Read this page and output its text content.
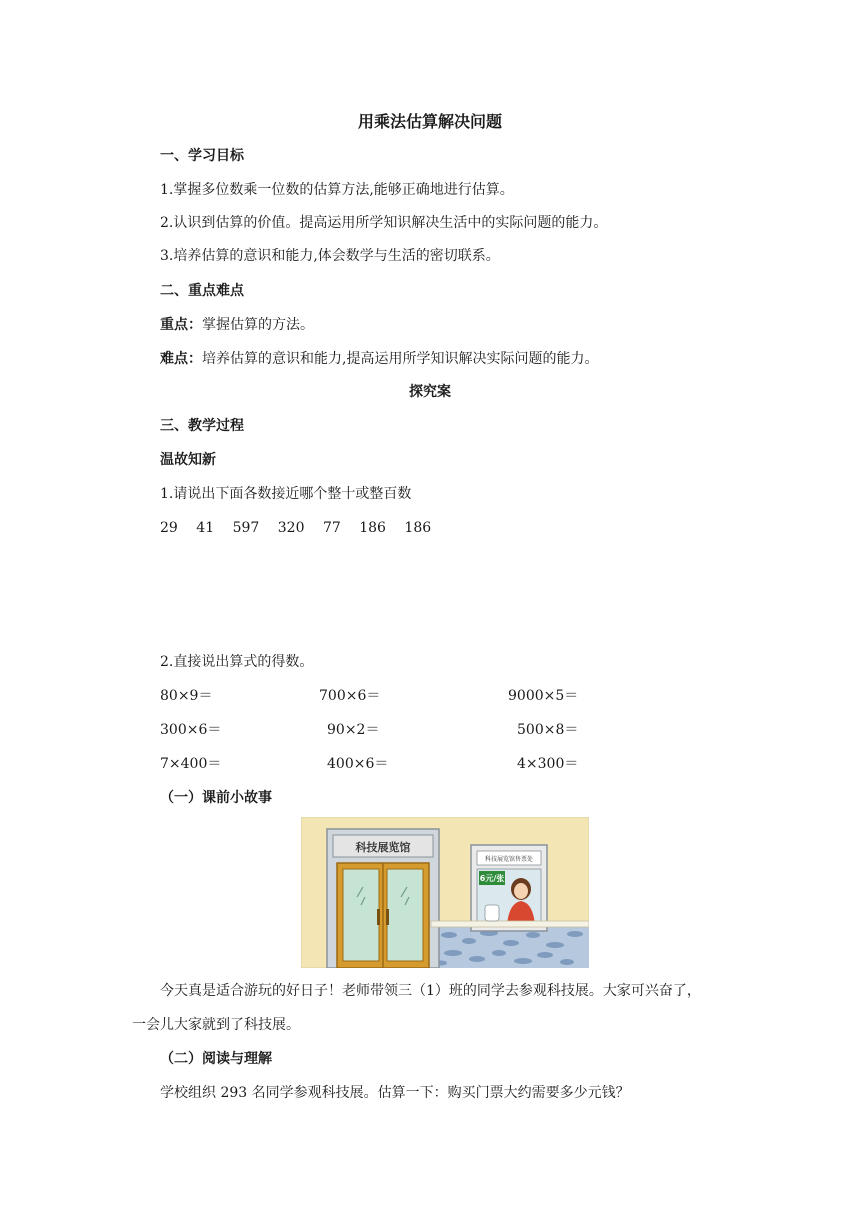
用乘法估算解决问题
一、学习目标
1.掌握多位数乘一位数的估算方法,能够正确地进行估算。
2.认识到估算的价值。提高运用所学知识解决生活中的实际问题的能力。
3.培养估算的意识和能力,体会数学与生活的密切联系。
二、重点难点
重点：掌握估算的方法。
难点：培养估算的意识和能力,提高运用所学知识解决实际问题的能力。
探究案
三、教学过程
温故知新
1.请说出下面各数接近哪个整十或整百数
29 41 597 320 77 186 186
2.直接说出算式的得数。
80×9＝	700×6＝	9000×5＝
300×6＝	90×2＝	500×8＝
7×400＝	400×6＝	4×300＝
（一）课前小故事
科技展览馆
科技展览馆售票处
6元/张
今天真是适合游玩的好日子！老师带领三（1）班的同学去参观科技展。大家可兴奋了，
一会儿大家就到了科技展。
（二）阅读与理解
学校组织 293 名同学参观科技展。估算一下：购买门票大约需要多少元钱？
